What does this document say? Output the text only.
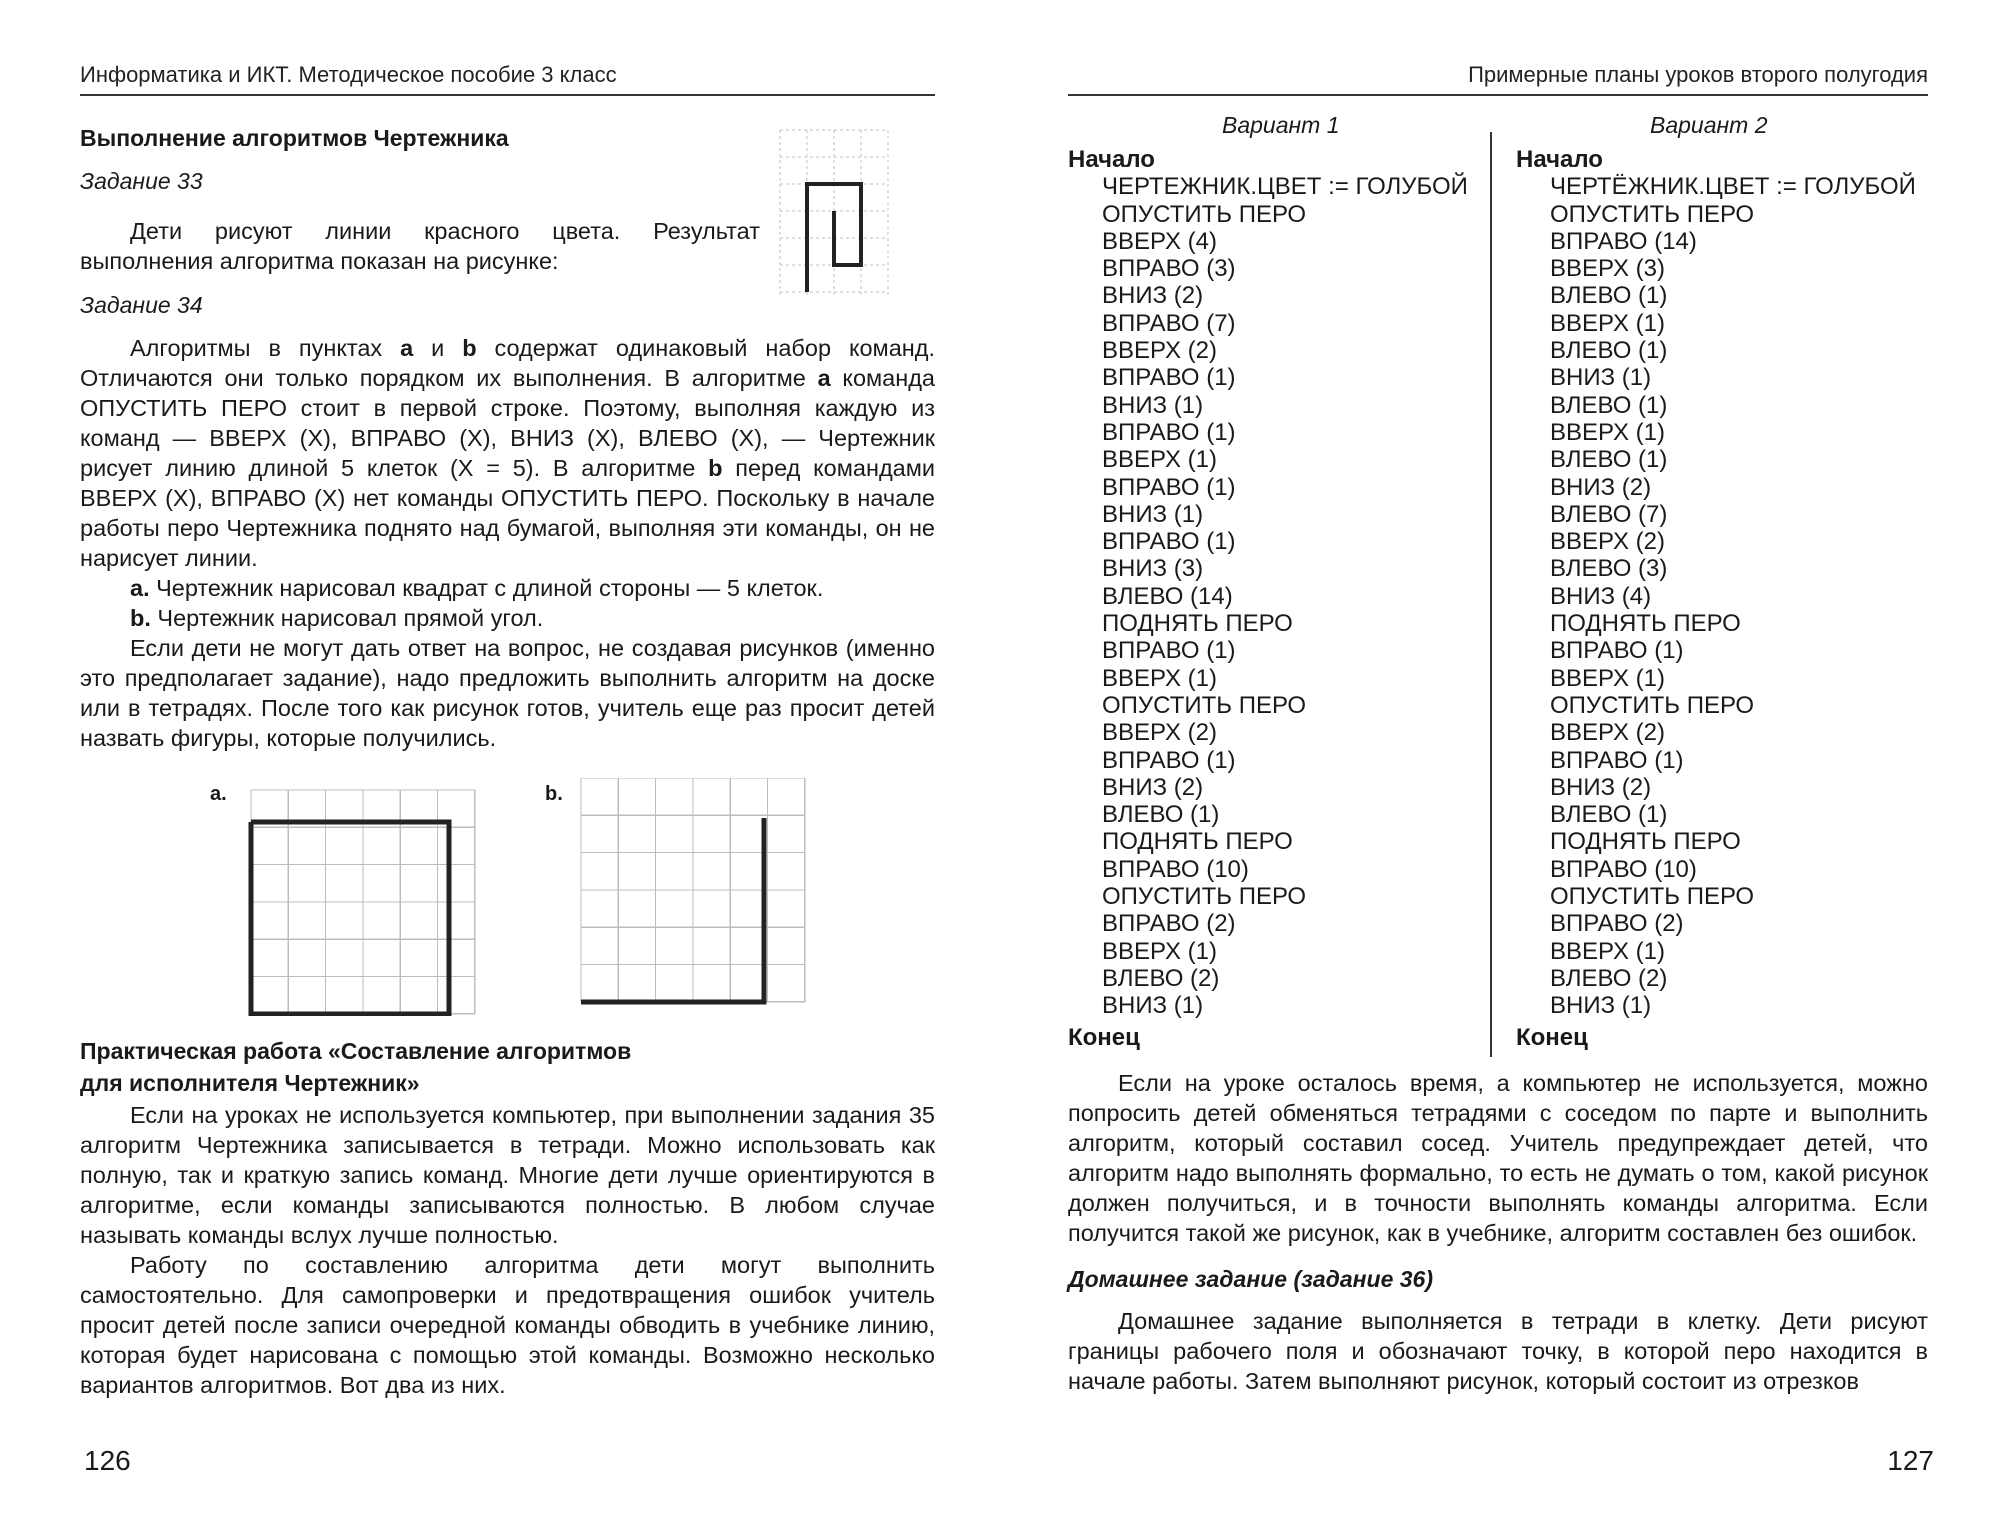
Информатика и ИКТ. Методическое пособие 3 класс
Выполнение алгоритмов Чертежника
Задание 33

Дети рисуют линии красного цвета. Результат выполнения алгоритма показан на рисунке:

Задание 34

Алгоритмы в пунктах a и b содержат одинаковый набор команд. Отличаются они только порядком их выполнения. В алгоритме a команда ОПУСТИТЬ ПЕРО стоит в первой строке. Поэтому, выполняя каждую из команд — ВВЕРХ (X), ВПРАВО (X), ВНИЗ (X), ВЛЕВО (X), — Чертежник рисует линию длиной 5 клеток (X = 5). В алгоритме b перед командами ВВЕРХ (X), ВПРАВО (X) нет команды ОПУСТИТЬ ПЕРО. Поскольку в начале работы перо Чертежника поднято над бумагой, выполняя эти команды, он не нарисует линии.

a. Чертежник нарисовал квадрат с длиной стороны — 5 клеток.

b. Чертежник нарисовал прямой угол.

Если дети не могут дать ответ на вопрос, не создавая рисунков (именно это предполагает задание), надо предложить выполнить алгоритм на доске или в тетрадях. После того как рисунок готов, учитель еще раз просит детей назвать фигуры, которые получились.

a.	b.
Практическая работа «Составление алгоритмов
для исполнителя Чертежник»

Если на уроках не используется компьютер, при выполнении задания 35 алгоритм Чертежника записывается в тетради. Можно использовать как полную, так и краткую запись команд. Многие дети лучше ориентируются в алгоритме, если команды записываются полностью. В любом случае называть команды вслух лучше полностью.

Работу по составлению алгоритма дети могут выполнить самостоятельно. Для самопроверки и предотвращения ошибок учитель просит детей после записи очередной команды обводить в учебнике линию, которая будет нарисована с помощью этой команды. Возможно несколько вариантов алгоритмов. Вот два из них.

126
Примерные планы уроков второго полугодия
Вариант 1	Вариант 2
Начало
ЧЕРТЕЖНИК.ЦВЕТ := ГОЛУБОЙ
ОПУСТИТЬ ПЕРО
ВВЕРХ (4)
ВПРАВО (3)
ВНИЗ (2)
ВПРАВО (7)
ВВЕРХ (2)
ВПРАВО (1)
ВНИЗ (1)
ВПРАВО (1)
ВВЕРХ (1)
ВПРАВО (1)
ВНИЗ (1)
ВПРАВО (1)
ВНИЗ (3)
ВЛЕВО (14)
ПОДНЯТЬ ПЕРО
ВПРАВО (1)
ВВЕРХ (1)
ОПУСТИТЬ ПЕРО
ВВЕРХ (2)
ВПРАВО (1)
ВНИЗ (2)
ВЛЕВО (1)
ПОДНЯТЬ ПЕРО
ВПРАВО (10)
ОПУСТИТЬ ПЕРО
ВПРАВО (2)
ВВЕРХ (1)
ВЛЕВО (2)
ВНИЗ (1)
Конец
Начало
ЧЕРТЁЖНИК.ЦВЕТ := ГОЛУБОЙ
ОПУСТИТЬ ПЕРО
ВПРАВО (14)
ВВЕРХ (3)
ВЛЕВО (1)
ВВЕРХ (1)
ВЛЕВО (1)
ВНИЗ (1)
ВЛЕВО (1)
ВВЕРХ (1)
ВЛЕВО (1)
ВНИЗ (2)
ВЛЕВО (7)
ВВЕРХ (2)
ВЛЕВО (3)
ВНИЗ (4)
ПОДНЯТЬ ПЕРО
ВПРАВО (1)
ВВЕРХ (1)
ОПУСТИТЬ ПЕРО
ВВЕРХ (2)
ВПРАВО (1)
ВНИЗ (2)
ВЛЕВО (1)
ПОДНЯТЬ ПЕРО
ВПРАВО (10)
ОПУСТИТЬ ПЕРО
ВПРАВО (2)
ВВЕРХ (1)
ВЛЕВО (2)
ВНИЗ (1)
Конец

Если на уроке осталось время, а компьютер не используется, можно попросить детей обменяться тетрадями с соседом по парте и выполнить алгоритм, который составил сосед. Учитель предупреждает детей, что алгоритм надо выполнять формально, то есть не думать о том, какой рисунок должен получиться, и в точности выполнять команды алгоритма. Если получится такой же рисунок, как в учебнике, алгоритм составлен без ошибок.

Домашнее задание (задание 36)

Домашнее задание выполняется в тетради в клетку. Дети рисуют границы рабочего поля и обозначают точку, в которой перо находится в начале работы. Затем выполняют рисунок, который состоит из отрезков

127
